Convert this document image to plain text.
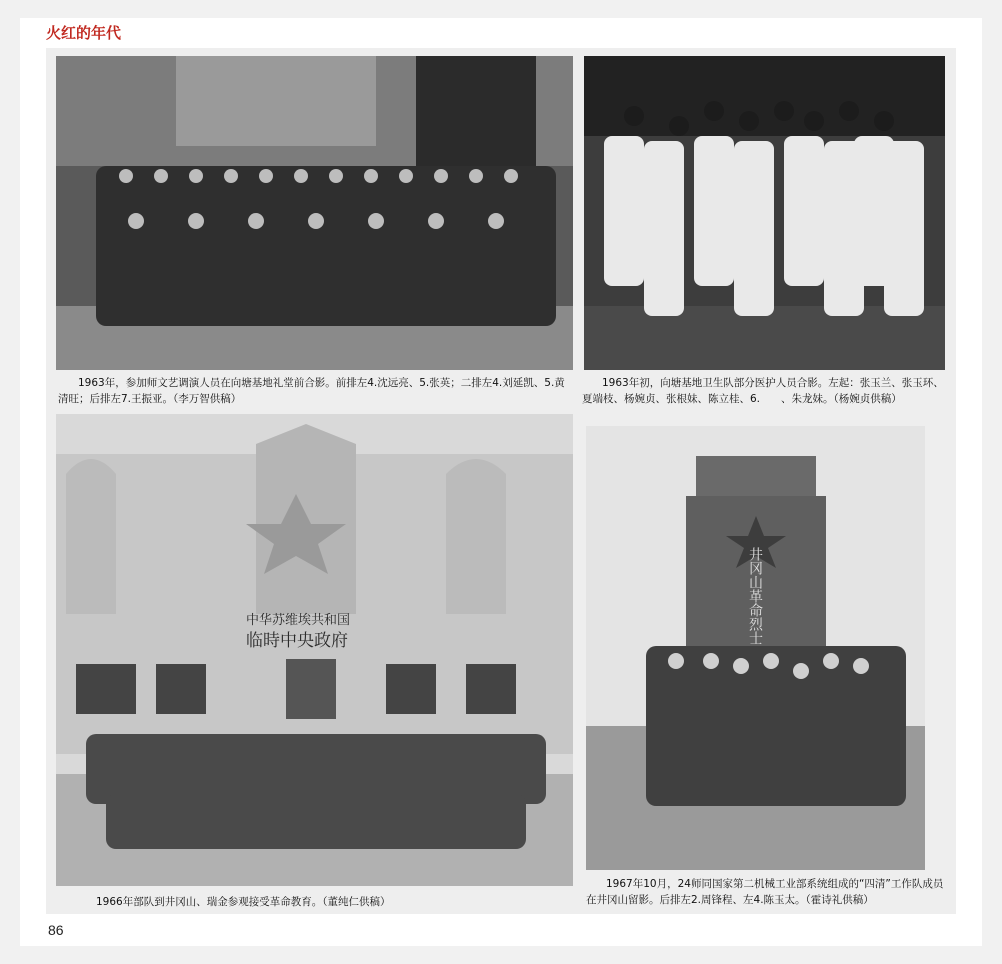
火红的年代
1963年，参加师文艺调演人员在向塘基地礼堂前合影。前排左4.沈远亮、5.张英；二排左4.刘延凯、5.黄清旺；后排左7.王振亚。（李万智供稿）
1963年初，向塘基地卫生队部分医护人员合影。左起：张玉兰、张玉环、夏端枝、杨婉贞、张根妹、陈立桂、6.　　、朱龙妹。（杨婉贞供稿）
中华苏维埃共和国
临時中央政府
1966年部队到井冈山、瑞金参观接受革命教育。（董纯仁供稿）
井冈山革命烈士
1967年10月，24师同国家第二机械工业部系统组成的“四清”工作队成员在井冈山留影。后排左2.周锋程、左4.陈玉太。（霍诗礼供稿）
86
